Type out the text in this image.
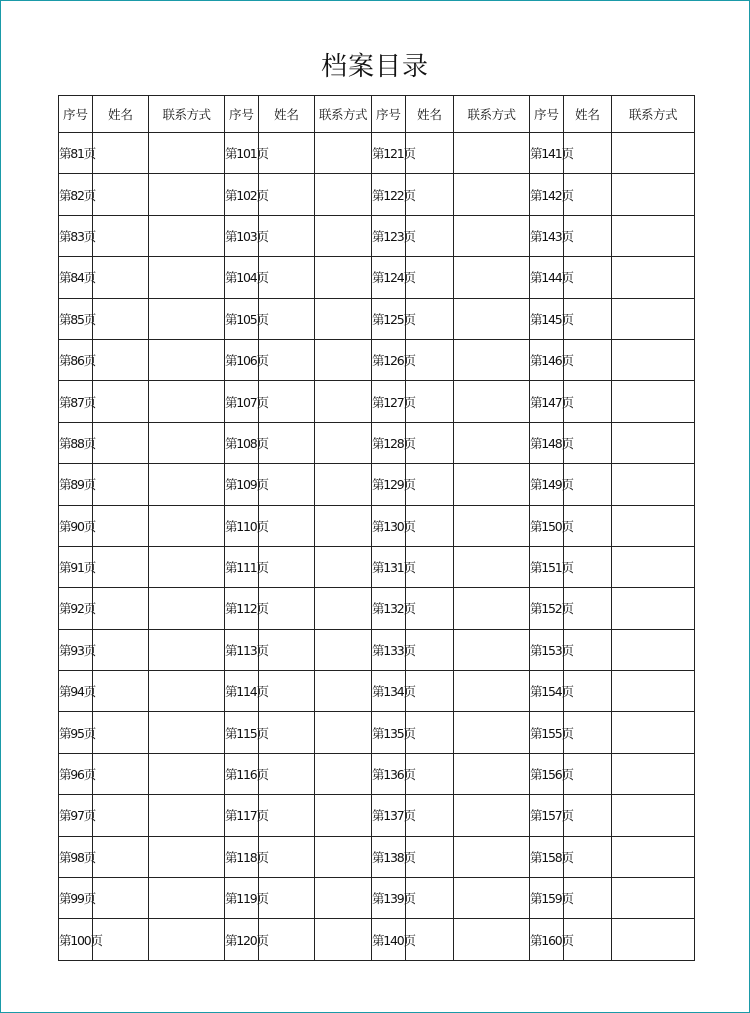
档案目录
序号	姓名	联系方式	序号	姓名	联系方式	序号	姓名	联系方式	序号	姓名	联系方式
第81页			第101页			第121页			第141页		
第82页			第102页			第122页			第142页		
第83页			第103页			第123页			第143页		
第84页			第104页			第124页			第144页		
第85页			第105页			第125页			第145页		
第86页			第106页			第126页			第146页		
第87页			第107页			第127页			第147页		
第88页			第108页			第128页			第148页		
第89页			第109页			第129页			第149页		
第90页			第110页			第130页			第150页		
第91页			第111页			第131页			第151页		
第92页			第112页			第132页			第152页		
第93页			第113页			第133页			第153页		
第94页			第114页			第134页			第154页		
第95页			第115页			第135页			第155页		
第96页			第116页			第136页			第156页		
第97页			第117页			第137页			第157页		
第98页			第118页			第138页			第158页		
第99页			第119页			第139页			第159页		
第100页			第120页			第140页			第160页		
